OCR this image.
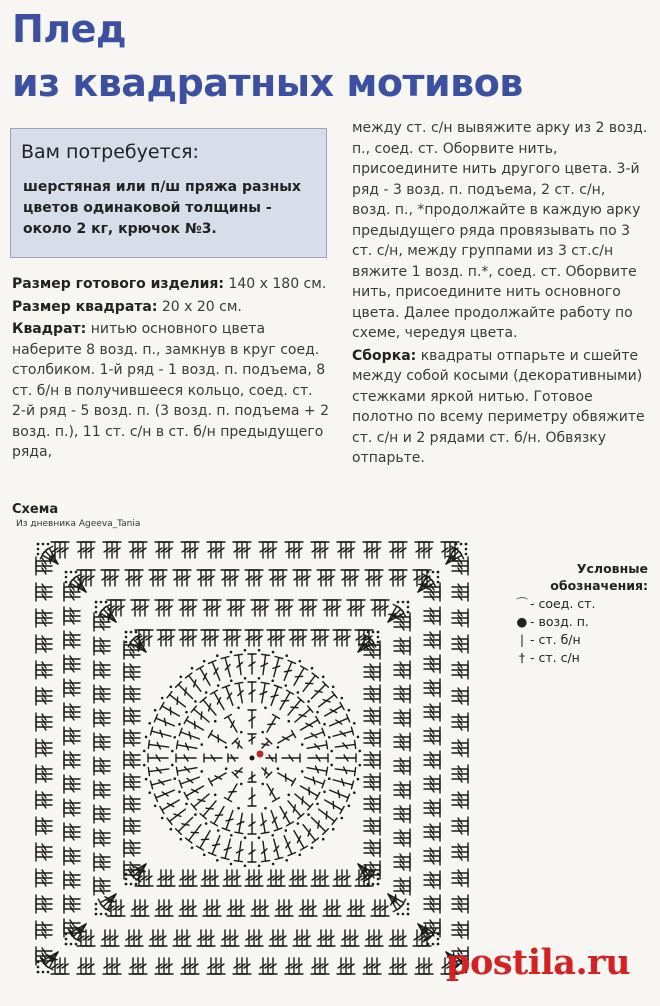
Плед
из квадратных мотивов
Вам потребуется:
шерстяная или п/ш пряжа разных цветов одинаковой толщины - около 2 кг, крючок №3.

Размер готового изделия: 140 х 180 см.

Размер квадрата: 20 х 20 см.

Квадрат: нитью основного цвета наберите 8 возд. п., замкнув в круг соед. столбиком. 1-й ряд - 1 возд. п. подъема, 8 ст. б/н в получившееся кольцо, соед. ст. 2-й ряд - 5 возд. п. (3 возд. п. подъема + 2 возд. п.), 11 ст. с/н в ст. б/н предыдущего ряда,

между ст. с/н вывяжите арку из 2 возд. п., соед. ст. Оборвите нить, присоедините нить другого цвета. 3-й ряд - 3 возд. п. подъема, 2 ст. с/н, возд. п., *продолжайте в каждую арку предыдущего ряда провязывать по 3 ст. с/н, между группами из 3 ст.с/н вяжите 1 возд. п.*, соед. ст. Оборвите нить, присоедините нить основного цвета. Далее продолжайте работу по схеме, чередуя цвета.

Сборка: квадраты отпарьте и сшейте между собой косыми (декоративными) стежками яркой нитью. Готовое полотно по всему периметру обвяжите ст. с/н и 2 рядами ст. б/н. Обвязку отпарьте.

Схема
Из дневника Ageeva_Tania
Условные
обозначения:
⌒ - соед. ст.
● - возд. п.
| - ст. б/н
† - ст. с/н
postila.ru
